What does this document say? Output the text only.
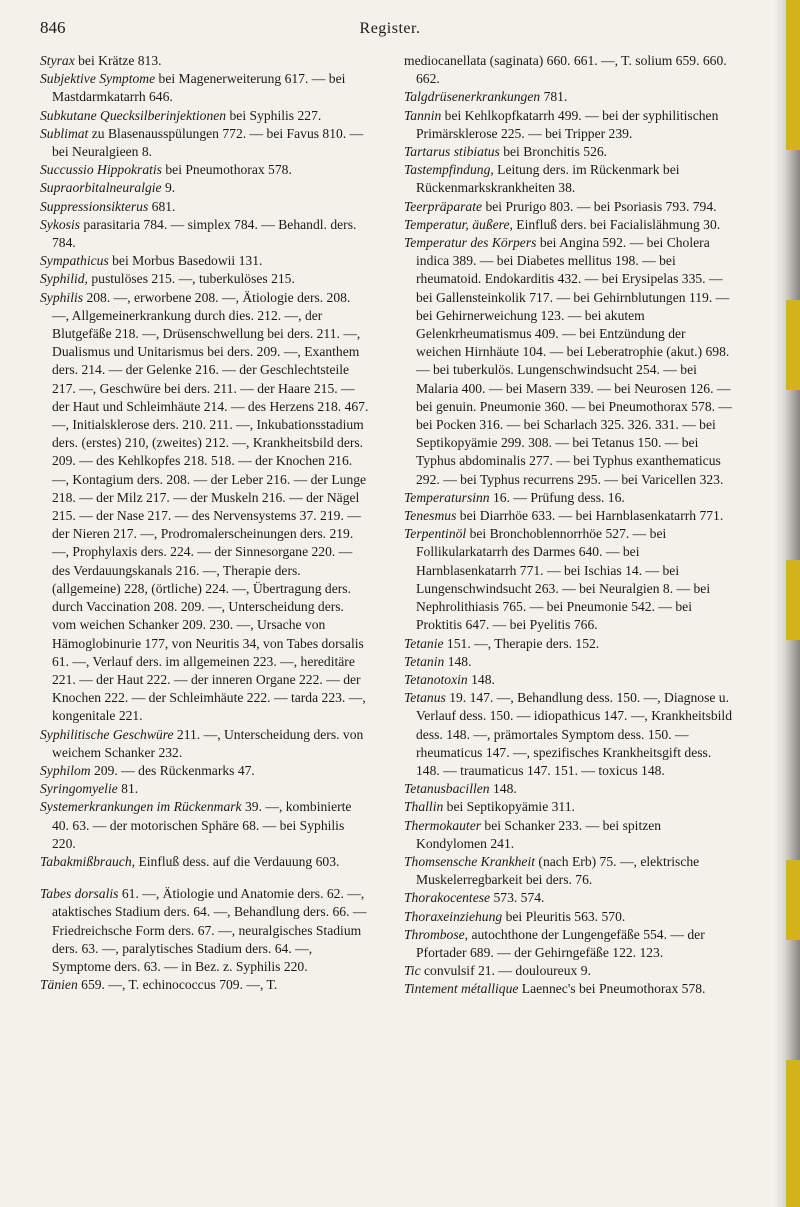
846	Register.

Styrax bei Krätze 813.

Subjektive Symptome bei Magenerweiterung 617. — bei Mastdarmkatarrh 646.

Subkutane Quecksilberinjektionen bei Syphilis 227.

Sublimat zu Blasenausspülungen 772. — bei Favus 810. — bei Neuralgieen 8.

Succussio Hippokratis bei Pneumothorax 578.

Supraorbitalneuralgie 9.

Suppressionsikterus 681.

Sykosis parasitaria 784. — simplex 784. — Behandl. ders. 784.

Sympathicus bei Morbus Basedowii 131.

Syphilid, pustulöses 215. —, tuberkulöses 215.

Syphilis 208. —, erworbene 208. —, Ätiologie ders. 208. —, Allgemeinerkrankung durch dies. 212. —, der Blutgefäße 218. —, Drüsenschwellung bei ders. 211. —, Dualismus und Unitarismus bei ders. 209. —, Exanthem ders. 214. — der Gelenke 216. — der Geschlechtsteile 217. —, Geschwüre bei ders. 211. — der Haare 215. — der Haut und Schleimhäute 214. — des Herzens 218. 467. —, Initialsklerose ders. 210. 211. —, Inkubationsstadium ders. (erstes) 210, (zweites) 212. —, Krankheitsbild ders. 209. — des Kehlkopfes 218. 518. — der Knochen 216. —, Kontagium ders. 208. — der Leber 216. — der Lunge 218. — der Milz 217. — der Muskeln 216. — der Nägel 215. — der Nase 217. — des Nervensystems 37. 219. — der Nieren 217. —, Prodromalerscheinungen ders. 219. —, Prophylaxis ders. 224. — der Sinnesorgane 220. — des Verdauungskanals 216. —, Therapie ders. (allgemeine) 228, (örtliche) 224. —, Übertragung ders. durch Vaccination 208. 209. —, Unterscheidung ders. vom weichen Schanker 209. 230. —, Ursache von Hämoglobinurie 177, von Neuritis 34, von Tabes dorsalis 61. —, Verlauf ders. im allgemeinen 223. —, hereditäre 221. — der Haut 222. — der inneren Organe 222. — der Knochen 222. — der Schleimhäute 222. — tarda 223. —, kongenitale 221.

Syphilitische Geschwüre 211. —, Unterscheidung ders. von weichem Schanker 232.

Syphilom 209. — des Rückenmarks 47.

Syringomyelie 81.

Systemerkrankungen im Rückenmark 39. —, kombinierte 40. 63. — der motorischen Sphäre 68. — bei Syphilis 220.

Tabakmißbrauch, Einfluß dess. auf die Verdauung 603.

Tabes dorsalis 61. —, Ätiologie und Anatomie ders. 62. —, ataktisches Stadium ders. 64. —, Behandlung ders. 66. — Friedreichsche Form ders. 67. —, neuralgisches Stadium ders. 63. —, paralytisches Stadium ders. 64. —, Symptome ders. 63. — in Bez. z. Syphilis 220.

Tänien 659. —, T. echinococcus 709. —, T.

mediocanellata (saginata) 660. 661. —, T. solium 659. 660. 662.

Talgdrüsenerkrankungen 781.

Tannin bei Kehlkopfkatarrh 499. — bei der syphilitischen Primärsklerose 225. — bei Tripper 239.

Tartarus stibiatus bei Bronchitis 526.

Tastempfindung, Leitung ders. im Rückenmark bei Rückenmarkskrankheiten 38.

Teerpräparate bei Prurigo 803. — bei Psoriasis 793. 794.

Temperatur, äußere, Einfluß ders. bei Facialislähmung 30.

Temperatur des Körpers bei Angina 592. — bei Cholera indica 389. — bei Diabetes mellitus 198. — bei rheumatoid. Endokarditis 432. — bei Erysipelas 335. — bei Gallensteinkolik 717. — bei Gehirnblutungen 119. — bei Gehirnerweichung 123. — bei akutem Gelenkrheumatismus 409. — bei Entzündung der weichen Hirnhäute 104. — bei Leberatrophie (akut.) 698. — bei tuberkulös. Lungenschwindsucht 254. — bei Malaria 400. — bei Masern 339. — bei Neurosen 126. — bei genuin. Pneumonie 360. — bei Pneumothorax 578. — bei Pocken 316. — bei Scharlach 325. 326. 331. — bei Septikopyämie 299. 308. — bei Tetanus 150. — bei Typhus abdominalis 277. — bei Typhus exanthematicus 292. — bei Typhus recurrens 295. — bei Varicellen 323.

Temperatursinn 16. — Prüfung dess. 16.

Tenesmus bei Diarrhöe 633. — bei Harnblasenkatarrh 771.

Terpentinöl bei Bronchoblennorrhöe 527. — bei Follikularkatarrh des Darmes 640. — bei Harnblasenkatarrh 771. — bei Ischias 14. — bei Lungenschwindsucht 263. — bei Neuralgien 8. — bei Nephrolithiasis 765. — bei Pneumonie 542. — bei Proktitis 647. — bei Pyelitis 766.

Tetanie 151. —, Therapie ders. 152.

Tetanin 148.

Tetanotoxin 148.

Tetanus 19. 147. —, Behandlung dess. 150. —, Diagnose u. Verlauf dess. 150. — idiopathicus 147. —, Krankheitsbild dess. 148. —, prämortales Symptom dess. 150. — rheumaticus 147. —, spezifisches Krankheitsgift dess. 148. — traumaticus 147. 151. — toxicus 148.

Tetanusbacillen 148.

Thallin bei Septikopyämie 311.

Thermokauter bei Schanker 233. — bei spitzen Kondylomen 241.

Thomsensche Krankheit (nach Erb) 75. —, elektrische Muskelerregbarkeit bei ders. 76.

Thorakocentese 573. 574.

Thoraxeinziehung bei Pleuritis 563. 570.

Thrombose, autochthone der Lungengefäße 554. — der Pfortader 689. — der Gehirngefäße 122. 123.

Tic convulsif 21. — douloureux 9.

Tintement métallique Laennec's bei Pneumothorax 578.
